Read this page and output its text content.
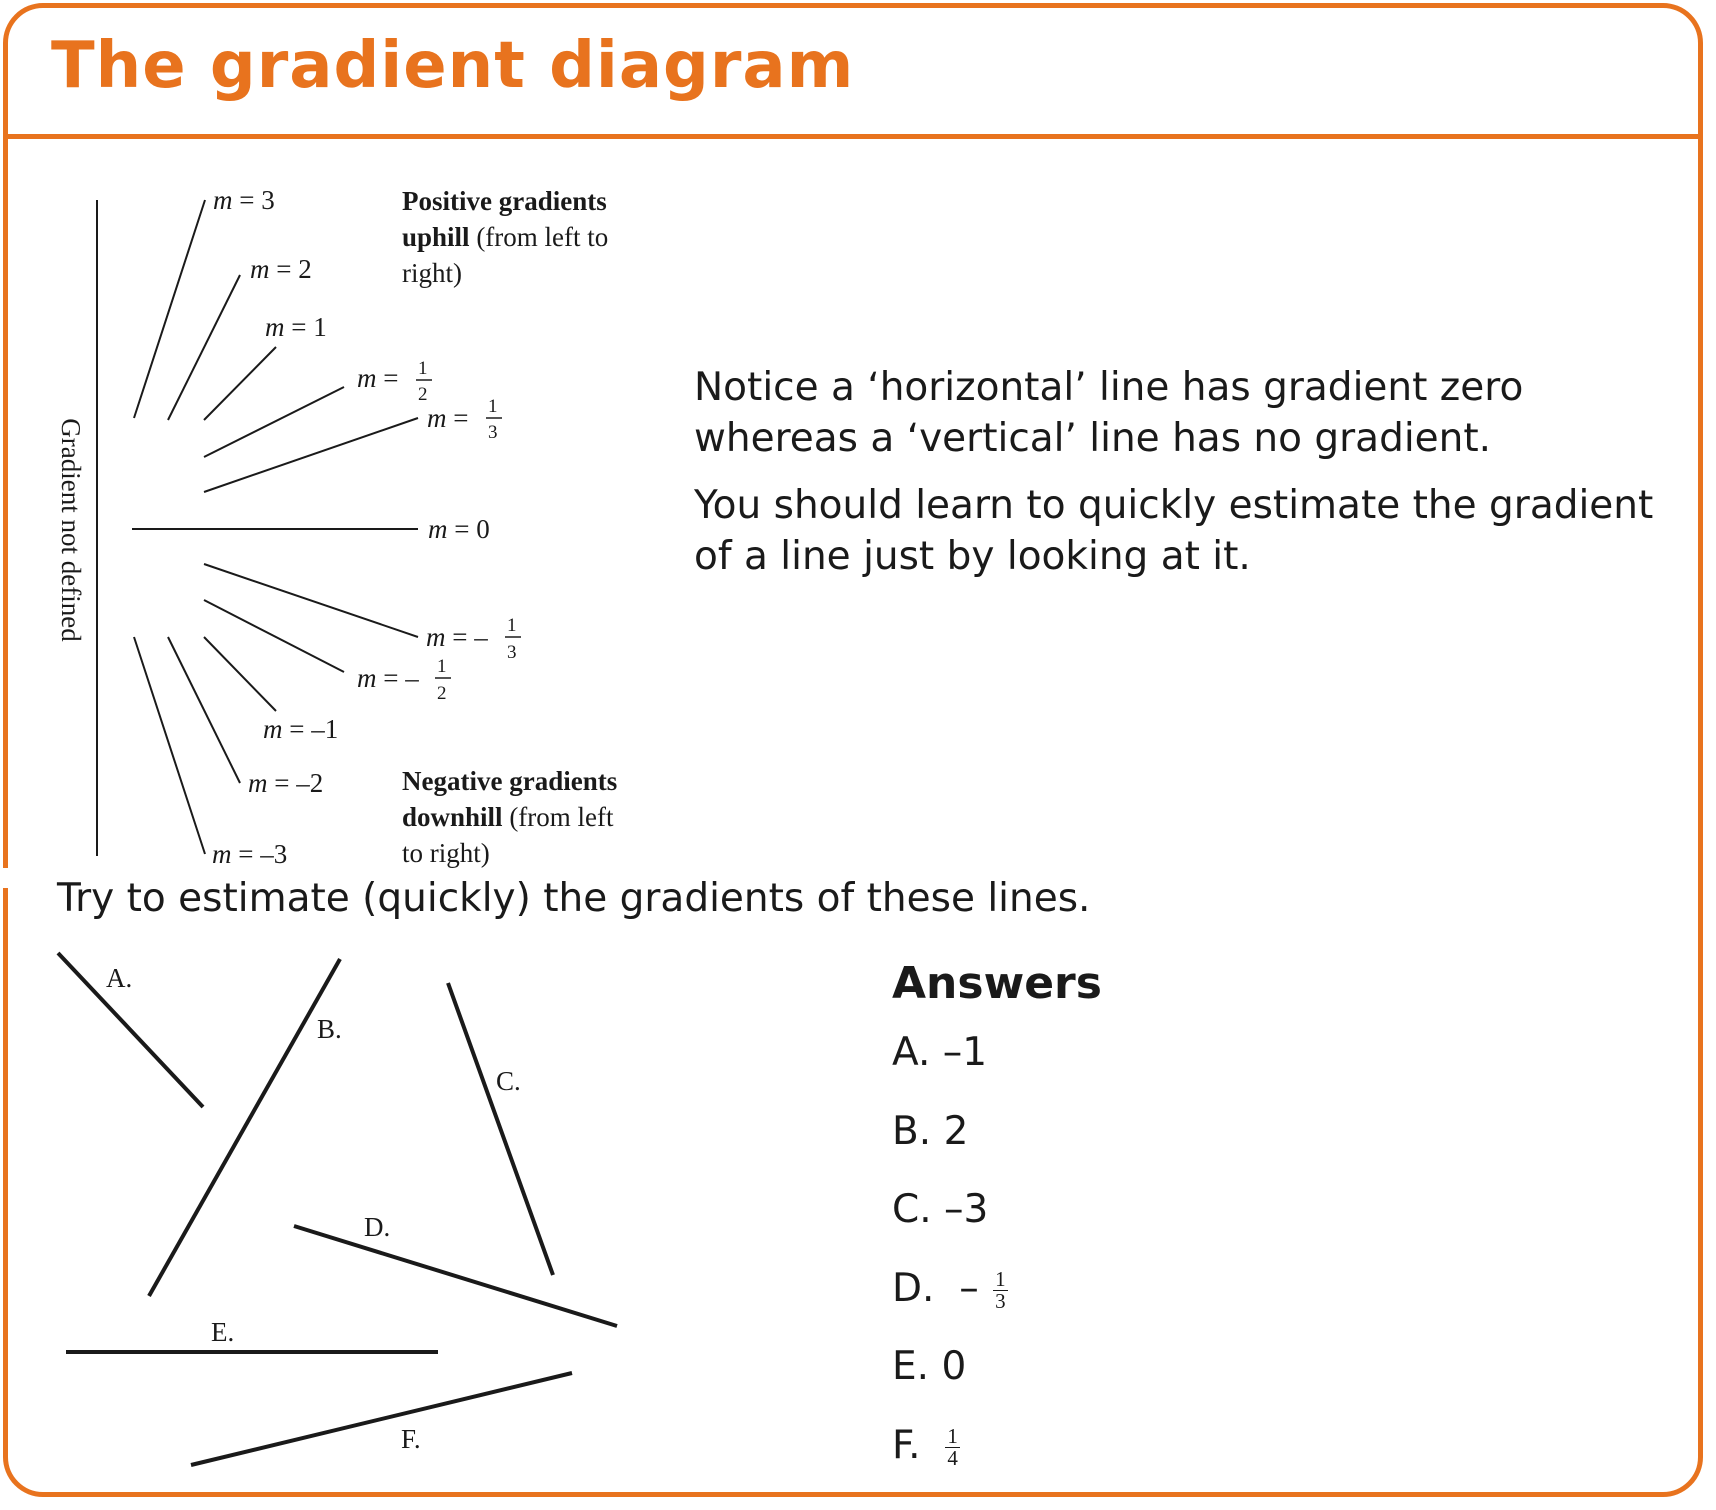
The gradient diagram
Gradient not defined
m = 3
m = 2
m = 1
m = 1
2
m = 1
3
m = 0
m = – 1
3
m = – 1
2
m = –1
m = –2
m = –3
A.
B.
C.
D.
E.
F.
Positive gradients
uphill (from left to
right)
Negative gradients
downhill (from left
to right)
Notice a ‘horizontal’ line has gradient zero
whereas a ‘vertical’ line has no gradient.
You should learn to quickly estimate the gradient
of a line just by looking at it.
Try to estimate (quickly) the gradients of these lines.
Answers
A. –1
B. 2
C. –3
D. – $\frac{1}{3}$
E. 0
F. $\frac{1}{4}$
